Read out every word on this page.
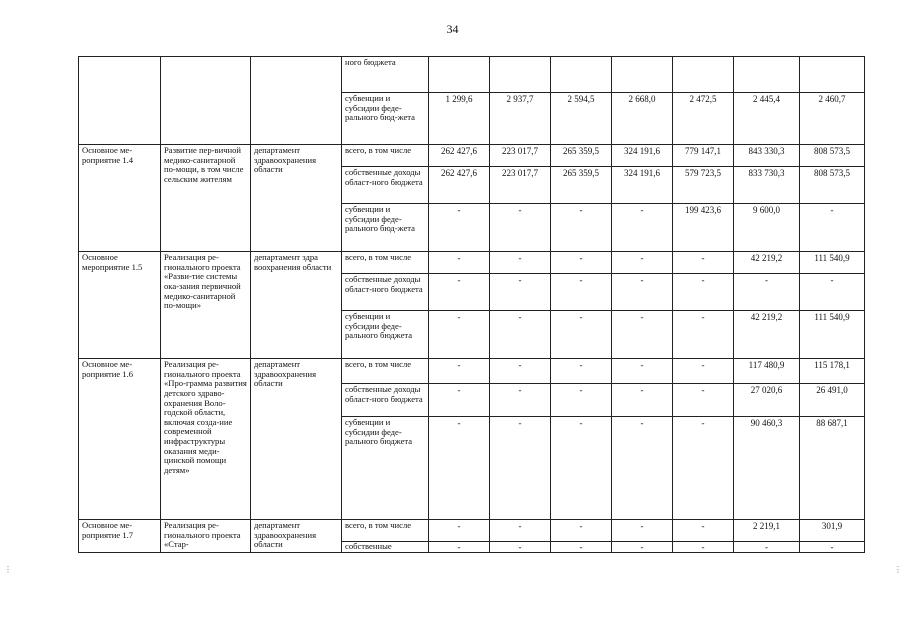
34
⋮	⋮
			ного бюджета							
			субвенции и субсидии феде-рального бюд-жета	1 299,6	2 937,7	2 594,5	2 668,0	2 472,5	2 445,4	2 460,7
Основное ме-роприятие 1.4	Развитие пер-вичной медико-санитарной по-мощи, в том числе сельским жителям	департамент здравоохранения области	всего, в том числе	262 427,6	223 017,7	265 359,5	324 191,6	779 147,1	843 330,3	808 573,5
			собственные доходы област-ного бюджета	262 427,6	223 017,7	265 359,5	324 191,6	579 723,5	833 730,3	808 573,5
			субвенции и субсидии феде-рального бюд-жета	-	-	-	-	199 423,6	9 600,0	-
Основное мероприятие 1.5	Реализация ре-гионального проекта «Разви-тие системы ока-зания первичной медико-санитарной по-мощи»	департамент здра воохранения области	всего, в том числе	-	-	-	-	-	42 219,2	111 540,9
			собственные доходы област-ного бюджета	-	-	-	-	-	-	-
			субвенции и субсидии феде-рального бюджета	-	-	-	-	-	42 219,2	111 540,9
Основное ме-роприятие 1.6	Реализация ре-гионального проекта «Про-грамма развития детского здраво-охранения Воло-годской области, включая созда-ние современной инфраструктуры оказания меди-цинской помощи детям»	департамент здравоохранения области	всего, в том числе	-	-	-	-	-	117 480,9	115 178,1
			собственные доходы област-ного бюджета	-	-	-	-	-	27 020,6	26 491,0
			субвенции и субсидии феде-рального бюджета	-	-	-	-	-	90 460,3	88 687,1
Основное ме-роприятие 1.7	Реализация ре-гионального проекта «Стар-	департамент здравоохранения области	всего, в том числе	-	-	-	-	-	2 219,1	301,9
			собственные	-	-	-	-	-	-	-
